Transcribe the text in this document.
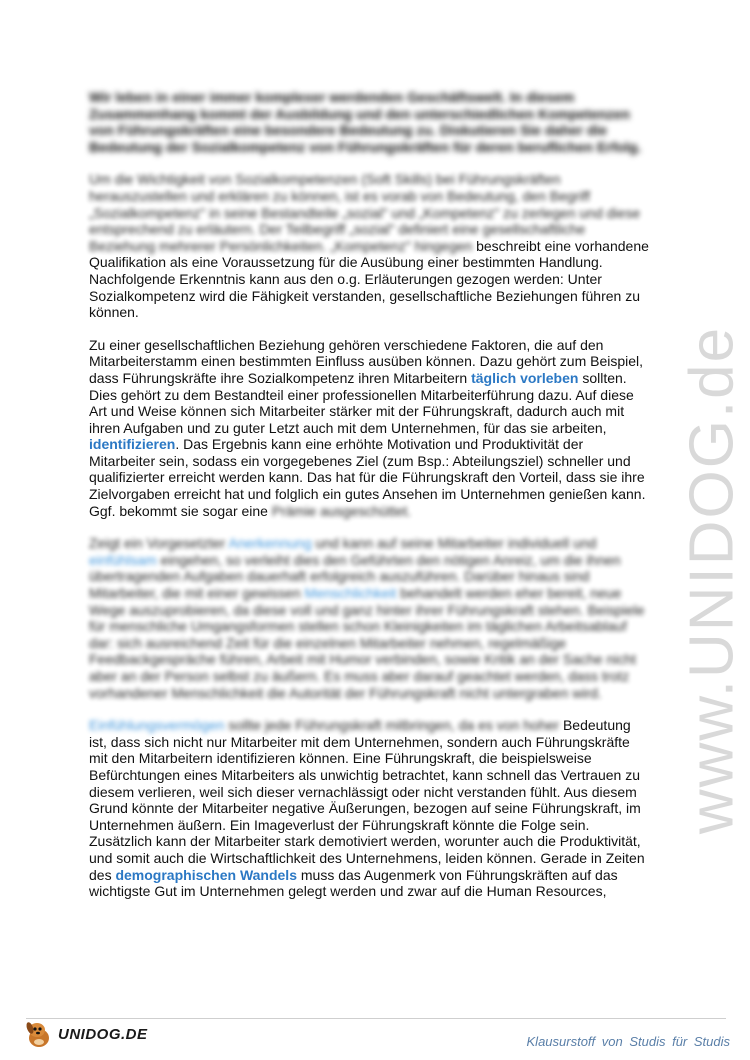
www.UNIDOG.de

Wir leben in einer immer komplexer werdenden Geschäftswelt. In diesem Zusammenhang kommt der Ausbildung und den unterschiedlichen Kompetenzen von Führungskräften eine besondere Bedeutung zu. Diskutieren Sie daher die Bedeutung der Sozialkompetenz von Führungskräften für deren beruflichen Erfolg.

Um die Wichtigkeit von Sozialkompetenzen (Soft Skills) bei Führungskräften herauszustellen und erklären zu können, ist es vorab von Bedeutung, den Begriff „Sozialkompetenz" in seine Bestandteile „sozial" und „Kompetenz" zu zerlegen und diese entsprechend zu erläutern. Der Teilbegriff „sozial" definiert eine gesellschaftliche Beziehung mehrerer Persönlichkeiten. „Kompetenz" hingegen beschreibt eine vorhandene Qualifikation als eine Voraussetzung für die Ausübung einer bestimmten Handlung. Nachfolgende Erkenntnis kann aus den o.g. Erläuterungen gezogen werden: Unter Sozialkompetenz wird die Fähigkeit verstanden, gesellschaftliche Beziehungen führen zu können.

Zu einer gesellschaftlichen Beziehung gehören verschiedene Faktoren, die auf den Mitarbeiterstamm einen bestimmten Einfluss ausüben können. Dazu gehört zum Beispiel, dass Führungskräfte ihre Sozialkompetenz ihren Mitarbeitern täglich vorleben sollten. Dies gehört zu dem Bestandteil einer professionellen Mitarbeiterführung dazu. Auf diese Art und Weise können sich Mitarbeiter stärker mit der Führungskraft, dadurch auch mit ihren Aufgaben und zu guter Letzt auch mit dem Unternehmen, für das sie arbeiten, identifizieren. Das Ergebnis kann eine erhöhte Motivation und Produktivität der Mitarbeiter sein, sodass ein vorgegebenes Ziel (zum Bsp.: Abteilungsziel) schneller und qualifizierter erreicht werden kann. Das hat für die Führungskraft den Vorteil, dass sie ihre Zielvorgaben erreicht hat und folglich ein gutes Ansehen im Unternehmen genießen kann. Ggf. bekommt sie sogar eine Prämie ausgeschüttet.

Zeigt ein Vorgesetzter Anerkennung und kann auf seine Mitarbeiter individuell und einfühlsam eingehen, so verleiht dies den Geführten den nötigen Anreiz, um die ihnen übertragenden Aufgaben dauerhaft erfolgreich auszuführen. Darüber hinaus sind Mitarbeiter, die mit einer gewissen Menschlichkeit behandelt werden eher bereit, neue Wege auszuprobieren, da diese voll und ganz hinter ihrer Führungskraft stehen. Beispiele für menschliche Umgangsformen stellen schon Kleinigkeiten im täglichen Arbeitsablauf dar: sich ausreichend Zeit für die einzelnen Mitarbeiter nehmen, regelmäßige Feedbackgespräche führen, Arbeit mit Humor verbinden, sowie Kritik an der Sache nicht aber an der Person selbst zu äußern. Es muss aber darauf geachtet werden, dass trotz vorhandener Menschlichkeit die Autorität der Führungskraft nicht untergraben wird.

Einfühlungsvermögen sollte jede Führungskraft mitbringen, da es von hoher Bedeutung ist, dass sich nicht nur Mitarbeiter mit dem Unternehmen, sondern auch Führungskräfte mit den Mitarbeitern identifizieren können. Eine Führungskraft, die beispielsweise Befürchtungen eines Mitarbeiters als unwichtig betrachtet, kann schnell das Vertrauen zu diesem verlieren, weil sich dieser vernachlässigt oder nicht verstanden fühlt. Aus diesem Grund könnte der Mitarbeiter negative Äußerungen, bezogen auf seine Führungskraft, im Unternehmen äußern. Ein Imageverlust der Führungskraft könnte die Folge sein. Zusätzlich kann der Mitarbeiter stark demotiviert werden, worunter auch die Produktivität, und somit auch die Wirtschaftlichkeit des Unternehmens, leiden können. Gerade in Zeiten des demographischen Wandels muss das Augenmerk von Führungskräften auf das wichtigste Gut im Unternehmen gelegt werden und zwar auf die Human Resources,

UNIDOG.DE	Klausurstoff von Studis für Studis
